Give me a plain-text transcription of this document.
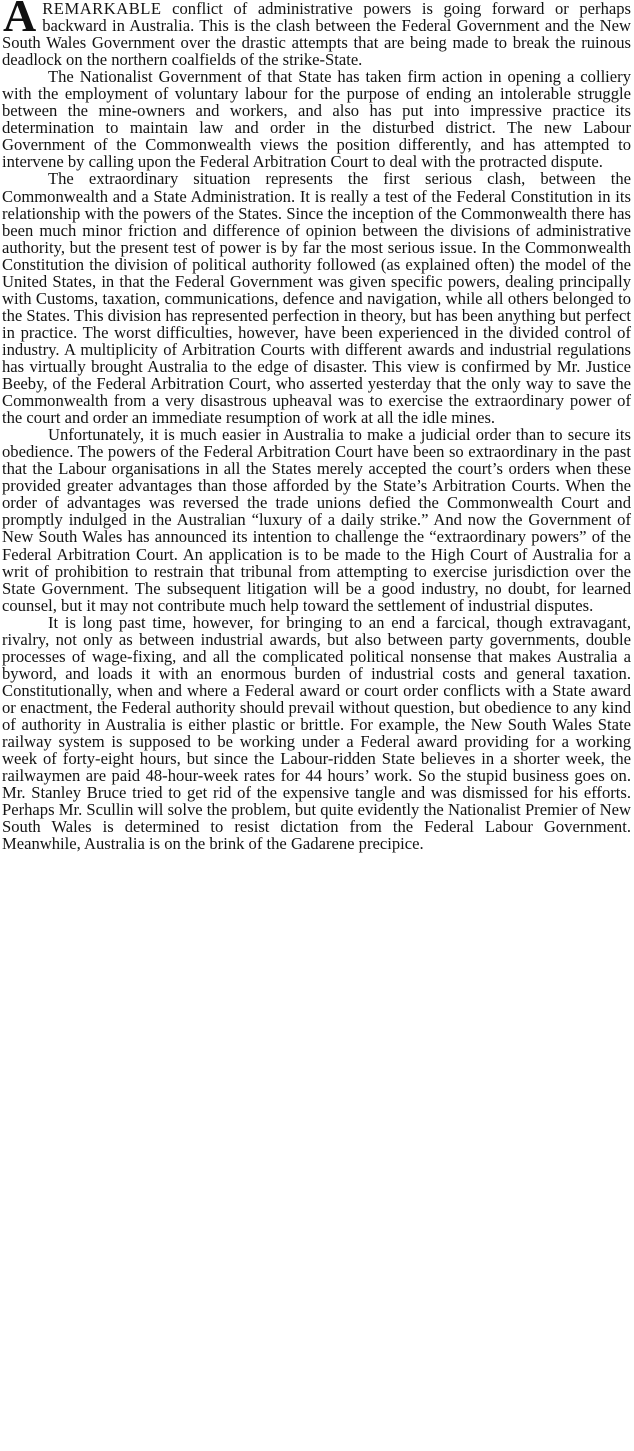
AREMARKABLE conflict of administrative powers is going forward or perhaps backward in Australia. This is the clash between the Federal Government and the New South Wales Government over the drastic attempts that are being made to break the ruinous deadlock on the northern coalfields of the strike-State.

The Nationalist Government of that State has taken firm action in opening a colliery with the employment of voluntary labour for the purpose of ending an intolerable struggle between the mine-owners and workers, and also has put into impressive practice its determination to maintain law and order in the disturbed district. The new Labour Government of the Commonwealth views the position differently, and has attempted to intervene by calling upon the Federal Arbitration Court to deal with the protracted dispute.

The extraordinary situation represents the first serious clash, between the Commonwealth and a State Administration. It is really a test of the Federal Constitution in its relationship with the powers of the States. Since the inception of the Commonwealth there has been much minor friction and difference of opinion between the divisions of administrative authority, but the present test of power is by far the most serious issue. In the Commonwealth Constitution the division of political authority followed (as explained often) the model of the United States, in that the Federal Government was given specific powers, dealing principally with Customs, taxation, communications, defence and navigation, while all others belonged to the States. This division has represented perfection in theory, but has been anything but perfect in practice. The worst difficulties, however, have been experienced in the divided control of industry. A multiplicity of Arbitration Courts with different awards and industrial regulations has virtually brought Australia to the edge of disaster. This view is confirmed by Mr. Justice Beeby, of the Federal Arbitration Court, who asserted yesterday that the only way to save the Commonwealth from a very disastrous upheaval was to exercise the extraordinary power of the court and order an immediate resumption of work at all the idle mines.

Unfortunately, it is much easier in Australia to make a judicial order than to secure its obedience. The powers of the Federal Arbitration Court have been so extraordinary in the past that the Labour organisations in all the States merely accepted the court’s orders when these provided greater advantages than those afforded by the State’s Arbitration Courts. When the order of advantages was reversed the trade unions defied the Commonwealth Court and promptly indulged in the Australian “luxury of a daily strike.” And now the Government of New South Wales has announced its intention to challenge the “extraordinary powers” of the Federal Arbitration Court. An application is to be made to the High Court of Australia for a writ of prohibition to restrain that tribunal from attempting to exercise jurisdiction over the State Government. The subsequent litigation will be a good industry, no doubt, for learned counsel, but it may not contribute much help toward the settlement of industrial disputes.

It is long past time, however, for bringing to an end a farcical, though extravagant, rivalry, not only as between industrial awards, but also between party governments, double processes of wage-fixing, and all the complicated political nonsense that makes Australia a byword, and loads it with an enormous burden of industrial costs and general taxation. Constitutionally, when and where a Federal award or court order conflicts with a State award or enactment, the Federal authority should prevail without question, but obedience to any kind of authority in Australia is either plastic or brittle. For example, the New South Wales State railway system is supposed to be working under a Federal award providing for a working week of forty-eight hours, but since the Labour-ridden State believes in a shorter week, the railwaymen are paid 48-hour-week rates for 44 hours’ work. So the stupid business goes on. Mr. Stanley Bruce tried to get rid of the expensive tangle and was dismissed for his efforts. Perhaps Mr. Scullin will solve the problem, but quite evidently the Nationalist Premier of New South Wales is determined to resist dictation from the Federal Labour Government. Meanwhile, Australia is on the brink of the Gadarene precipice.
